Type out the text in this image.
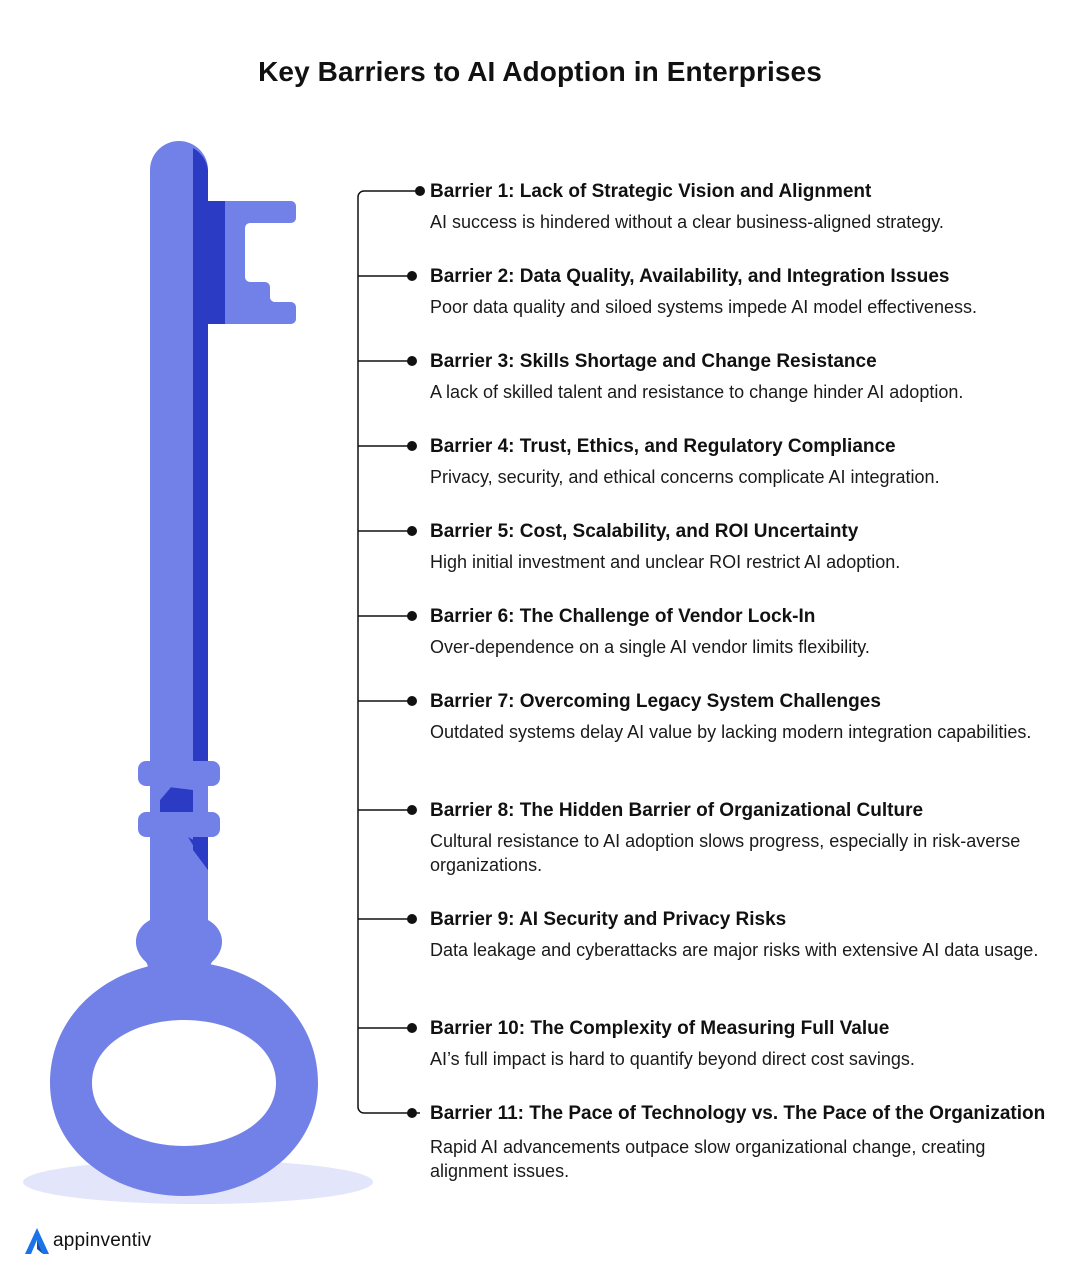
Key Barriers to AI Adoption in Enterprises
Barrier 1: Lack of Strategic Vision and Alignment

AI success is hindered without a clear business-aligned strategy.

Barrier 2: Data Quality, Availability, and Integration Issues

Poor data quality and siloed systems impede AI model effectiveness.

Barrier 3: Skills Shortage and Change Resistance

A lack of skilled talent and resistance to change hinder AI adoption.

Barrier 4: Trust, Ethics, and Regulatory Compliance

Privacy, security, and ethical concerns complicate AI integration.

Barrier 5: Cost, Scalability, and ROI Uncertainty

High initial investment and unclear ROI restrict AI adoption.

Barrier 6: The Challenge of Vendor Lock-In

Over-dependence on a single AI vendor limits flexibility.

Barrier 7: Overcoming Legacy System Challenges

Outdated systems delay AI value by lacking modern integration capabilities.

Barrier 8: The Hidden Barrier of Organizational Culture

Cultural resistance to AI adoption slows progress, especially in risk-averse organizations.

Barrier 9: AI Security and Privacy Risks

Data leakage and cyberattacks are major risks with extensive AI data usage.

Barrier 10: The Complexity of Measuring Full Value

AI’s full impact is hard to quantify beyond direct cost savings.

Barrier 11: The Pace of Technology vs. The Pace of the Organization

Rapid AI advancements outpace slow organizational change, creating alignment issues.

appinventiv
